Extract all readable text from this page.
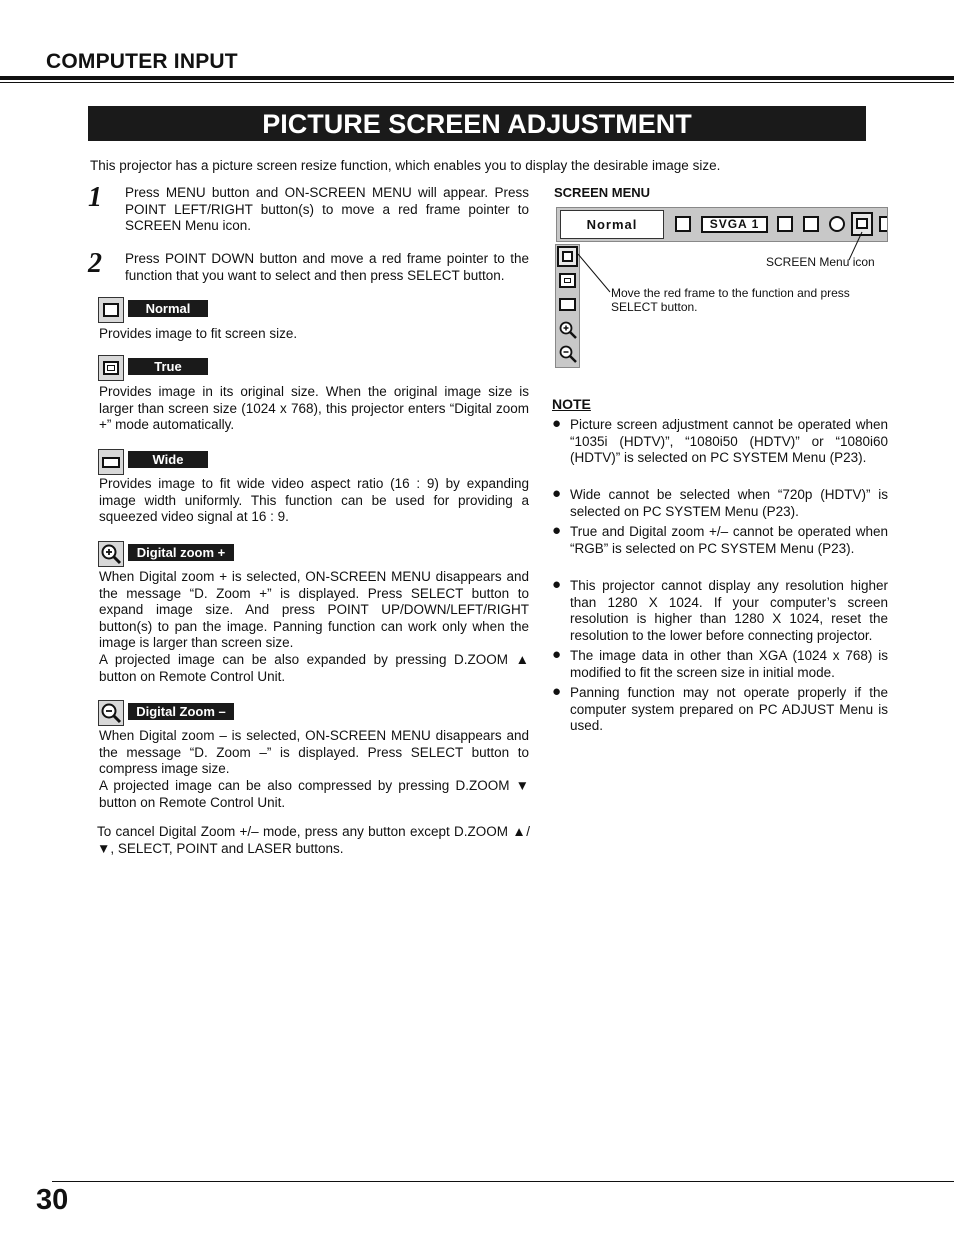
COMPUTER INPUT
PICTURE SCREEN ADJUSTMENT
This projector has a picture screen resize function, which enables you to display the desirable image size.
1 Press MENU button and ON-SCREEN MENU will appear. Press POINT LEFT/RIGHT button(s) to move a red frame pointer to SCREEN Menu icon.
2 Press POINT DOWN button and move a red frame pointer to the function that you want to select and then press SELECT button.
Normal
Provides image to fit screen size.
True
Provides image in its original size. When the original image size is larger than screen size (1024 x 768), this projector enters “Digital zoom +” mode automatically.
Wide
Provides image to fit wide video aspect ratio (16 : 9) by expanding image width uniformly. This function can be used for providing a squeezed video signal at 16 : 9.
Digital zoom +
When Digital zoom + is selected, ON-SCREEN MENU disappears and the message “D. Zoom +” is displayed. Press SELECT button to expand image size. And press POINT UP/DOWN/LEFT/RIGHT button(s) to pan the image. Panning function can work only when the image is larger than screen size.
A projected image can be also expanded by pressing D.ZOOM ▲ button on Remote Control Unit.
Digital Zoom –
When Digital zoom – is selected, ON-SCREEN MENU disappears and the message “D. Zoom –” is displayed. Press SELECT button to compress image size.
A projected image can be also compressed by pressing D.ZOOM ▼ button on Remote Control Unit.
To cancel Digital Zoom +/– mode, press any button except D.ZOOM ▲/▼, SELECT, POINT and LASER buttons.
SCREEN MENU
Normal	SVGA 1
SCREEN Menu icon
Move the red frame to the function and press SELECT button.
NOTE
● Picture screen adjustment cannot be operated when “1035i (HDTV)”, “1080i50 (HDTV)” or “1080i60 (HDTV)” is selected on PC SYSTEM Menu (P23).
● Wide cannot be selected when “720p (HDTV)” is selected on PC SYSTEM Menu (P23).
● True and Digital zoom +/– cannot be operated when “RGB” is selected on PC SYSTEM Menu (P23).
● This projector cannot display any resolution higher than 1280 X 1024. If your computer’s screen resolution is higher than 1280 X 1024, reset the resolution to the lower before connecting projector.
● The image data in other than XGA (1024 x 768) is modified to fit the screen size in initial mode.
● Panning function may not operate properly if the computer system prepared on PC ADJUST Menu is used.
30
